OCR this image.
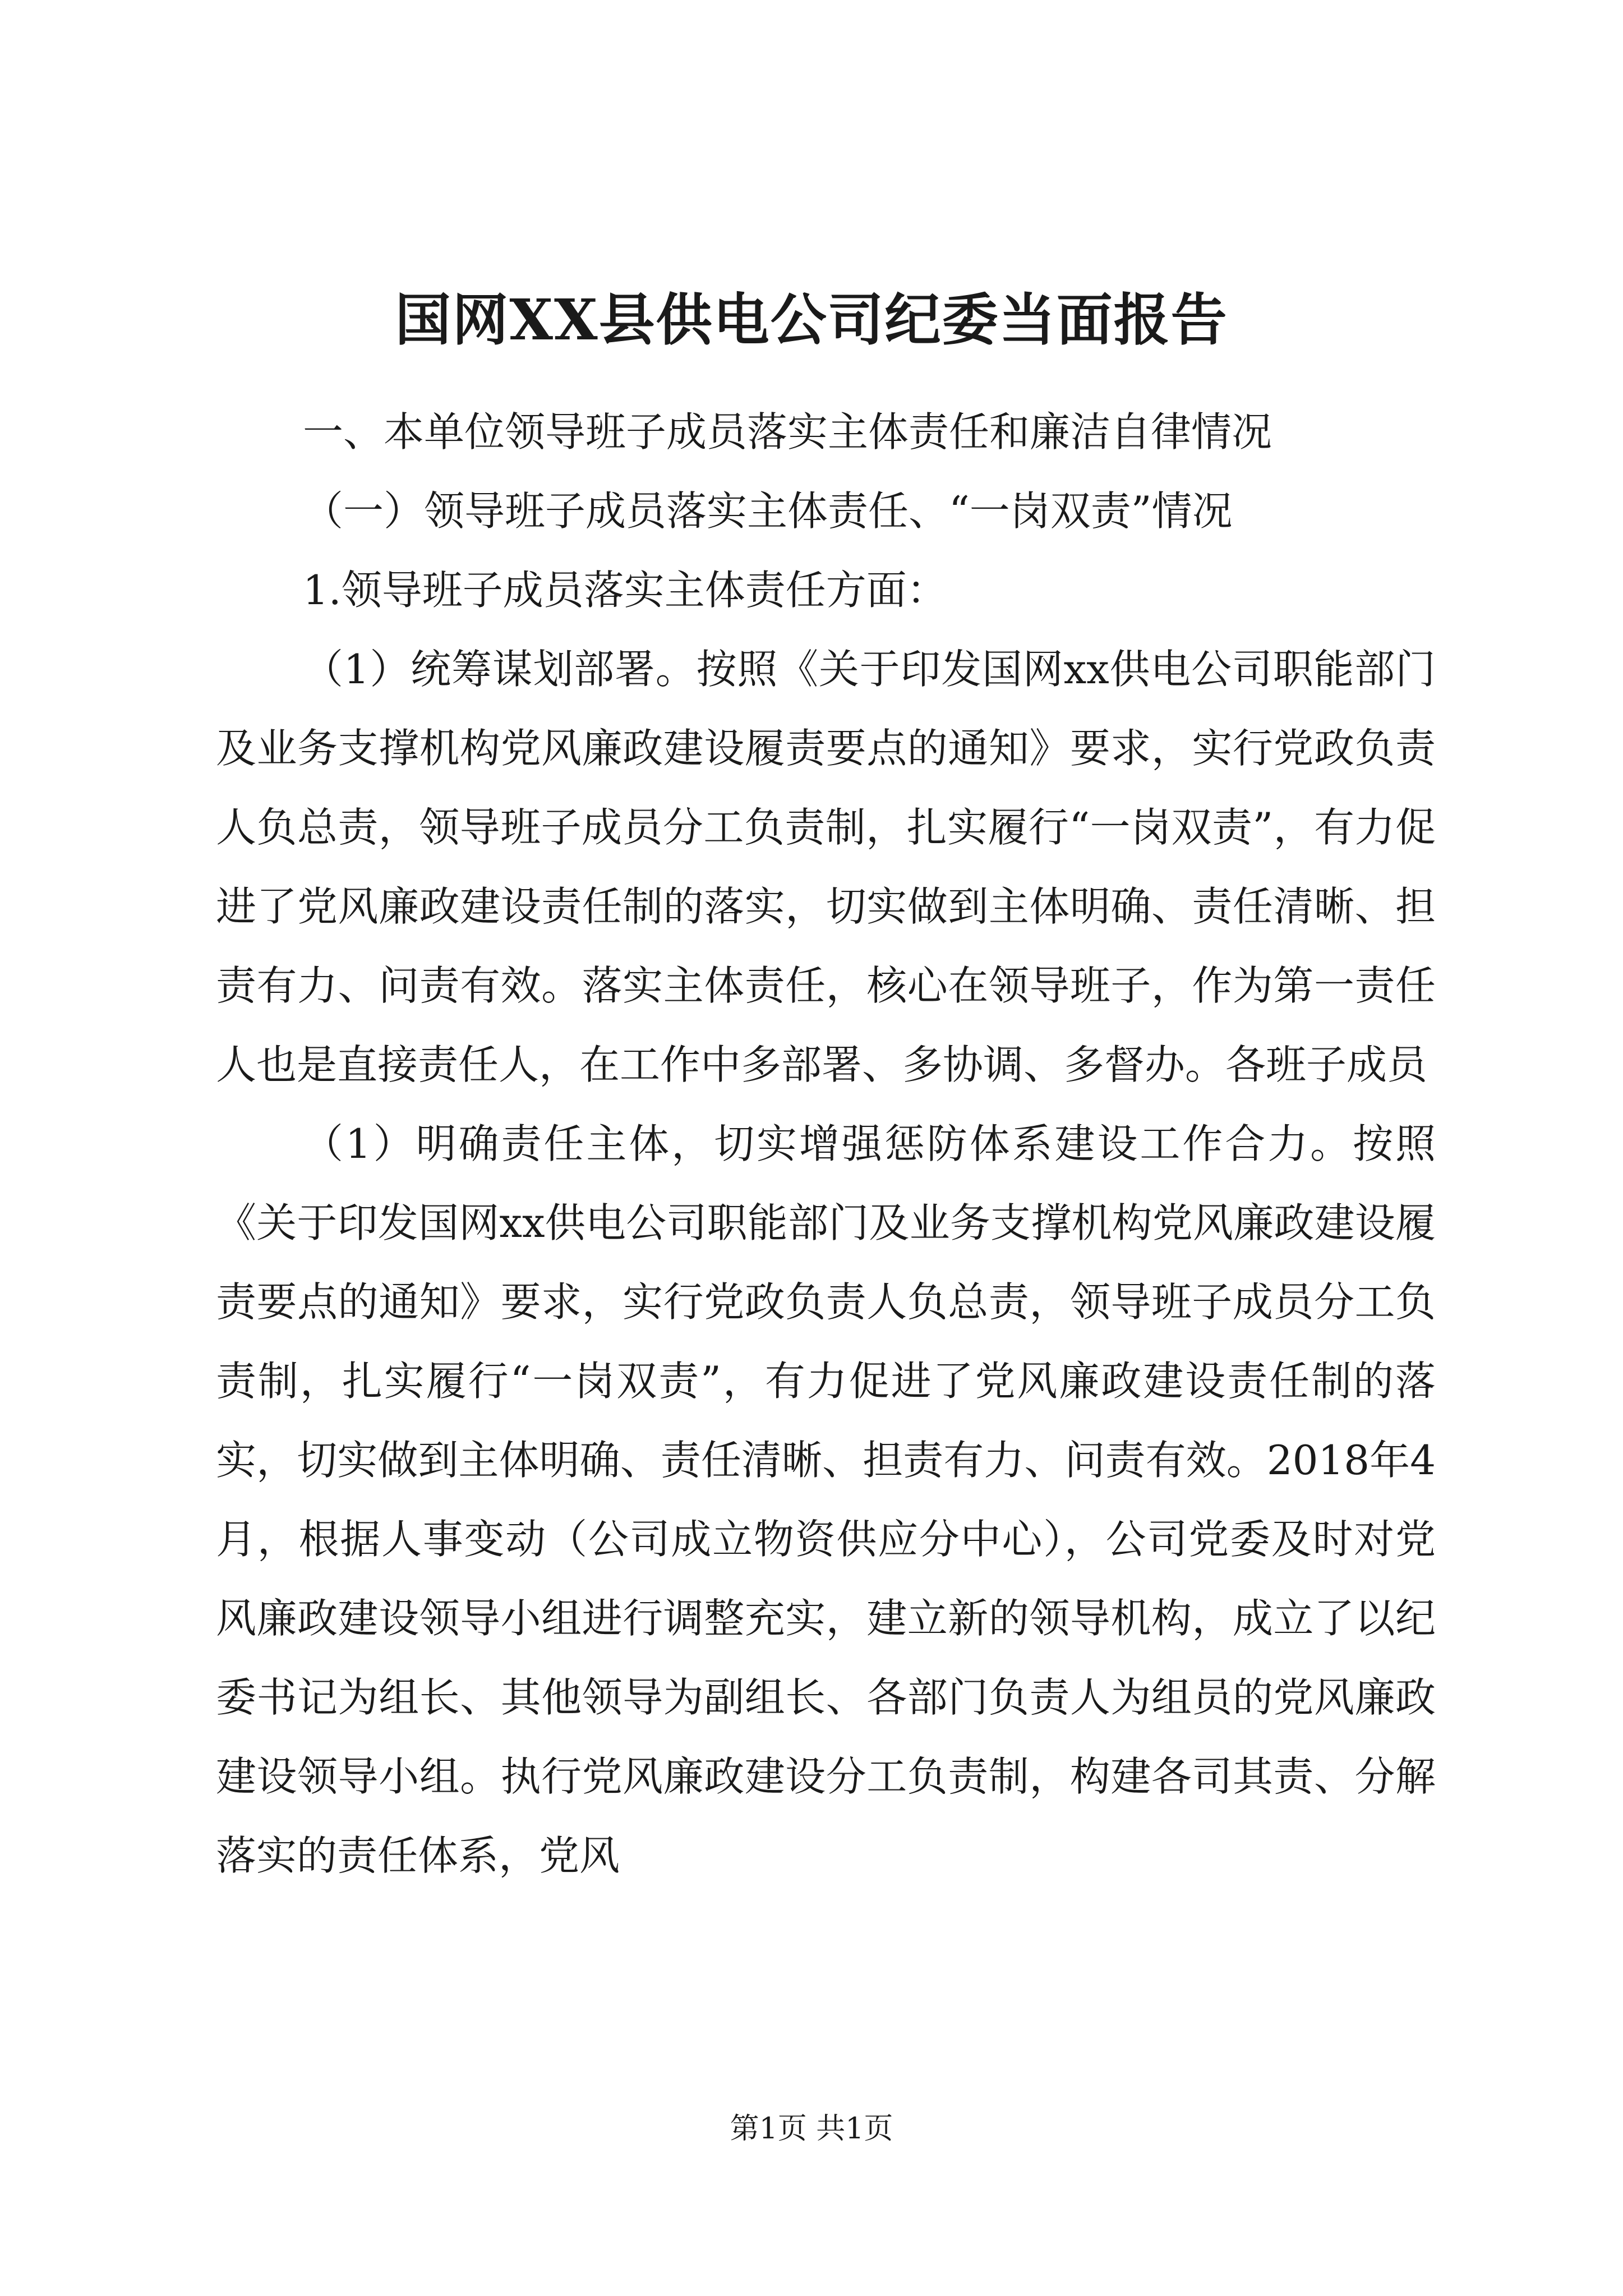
国网XX县供电公司纪委当面报告

一、本单位领导班子成员落实主体责任和廉洁自律情况

（一）领导班子成员落实主体责任、“一岗双责”情况

1.领导班子成员落实主体责任方面：

（1）统筹谋划部署。按照《关于印发国网xx供电公司职能部门及业务支撑机构党风廉政建设履责要点的通知》要求，实行党政负责人负总责，领导班子成员分工负责制，扎实履行“一岗双责”，有力促进了党风廉政建设责任制的落实，切实做到主体明确、责任清晰、担责有力、问责有效。落实主体责任，核心在领导班子，作为第一责任人也是直接责任人，在工作中多部署、多协调、多督办。各班子成员

（1）明确责任主体，切实增强惩防体系建设工作合力。按照《关于印发国网xx供电公司职能部门及业务支撑机构党风廉政建设履责要点的通知》要求，实行党政负责人负总责，领导班子成员分工负责制，扎实履行“一岗双责”，有力促进了党风廉政建设责任制的落实，切实做到主体明确、责任清晰、担责有力、问责有效。2018年4月，根据人事变动（公司成立物资供应分中心），公司党委及时对党风廉政建设领导小组进行调整充实，建立新的领导机构，成立了以纪委书记为组长、其他领导为副组长、各部门负责人为组员的党风廉政建设领导小组。执行党风廉政建设分工负责制，构建各司其责、分解落实的责任体系，党风

第1页 共1页
